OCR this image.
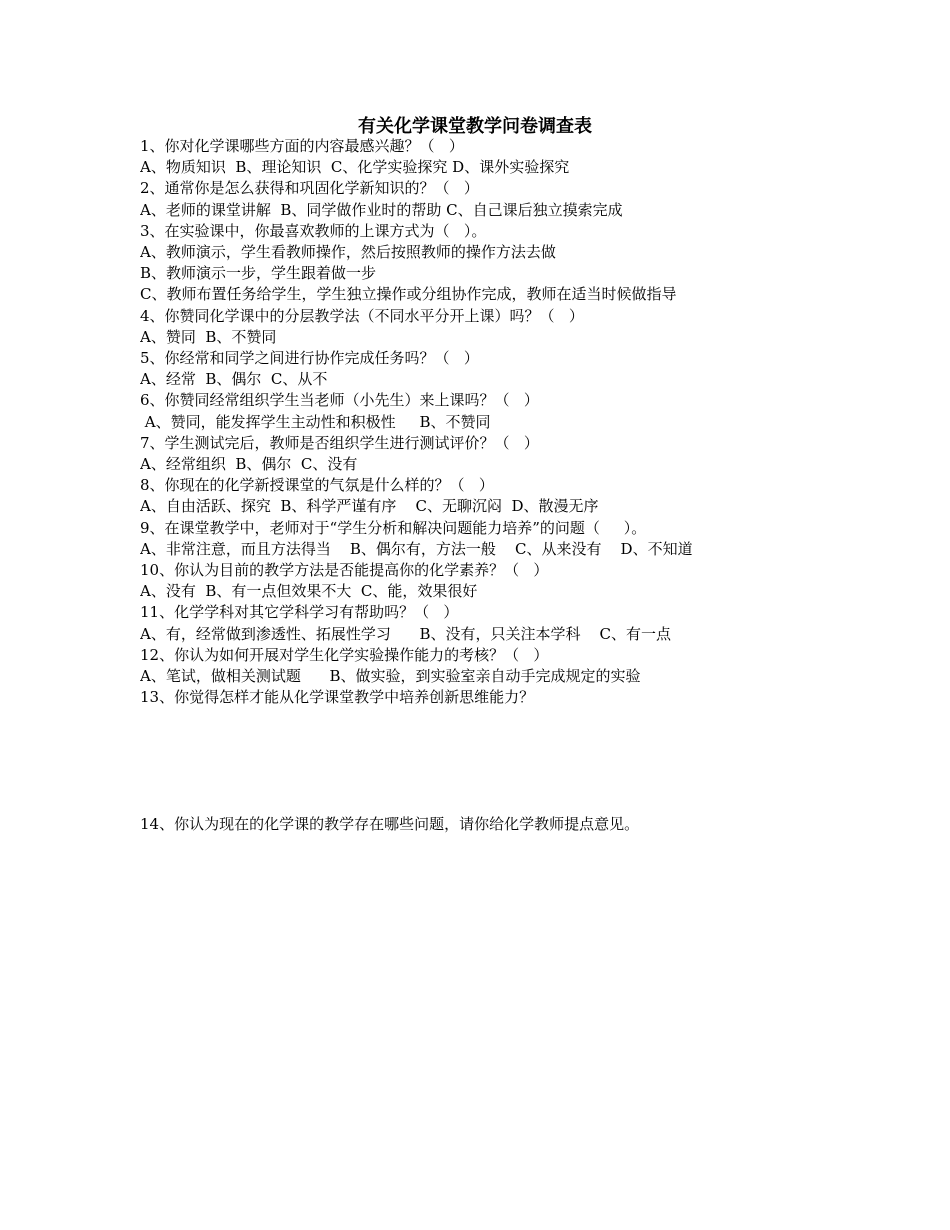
有关化学课堂教学问卷调查表
1、你对化学课哪些方面的内容最感兴趣？（   ）
A、物质知识  B、理论知识  C、化学实验探究 D、课外实验探究
2、通常你是怎么获得和巩固化学新知识的？（   ）
A、老师的课堂讲解  B、同学做作业时的帮助 C、自己课后独立摸索完成
3、在实验课中，你最喜欢教师的上课方式为（   ）。
A、教师演示，学生看教师操作，然后按照教师的操作方法去做
B、教师演示一步，学生跟着做一步
C、教师布置任务给学生，学生独立操作或分组协作完成，教师在适当时候做指导
4、你赞同化学课中的分层教学法（不同水平分开上课）吗？（   ）
A、赞同  B、不赞同
5、你经常和同学之间进行协作完成任务吗？（   ）
A、经常  B、偶尔  C、从不
6、你赞同经常组织学生当老师（小先生）来上课吗？（   ）
A、赞同，能发挥学生主动性和积极性     B、不赞同
7、学生测试完后，教师是否组织学生进行测试评价？（   ）
A、经常组织  B、偶尔  C、没有
8、你现在的化学新授课堂的气氛是什么样的？（   ）
A、自由活跃、探究  B、科学严谨有序    C、无聊沉闷  D、散漫无序
9、在课堂教学中，老师对于“学生分析和解决问题能力培养”的问题（     ）。
A、非常注意，而且方法得当    B、偶尔有，方法一般    C、从来没有    D、不知道
10、你认为目前的教学方法是否能提高你的化学素养？（   ）
A、没有  B、有一点但效果不大  C、能，效果很好
11、化学学科对其它学科学习有帮助吗？（   ）
A、有，经常做到渗透性、拓展性学习      B、没有，只关注本学科    C、有一点
12、你认为如何开展对学生化学实验操作能力的考核？（   ）
A、笔试，做相关测试题      B、做实验，到实验室亲自动手完成规定的实验
13、你觉得怎样才能从化学课堂教学中培养创新思维能力？
14、你认为现在的化学课的教学存在哪些问题，请你给化学教师提点意见。
